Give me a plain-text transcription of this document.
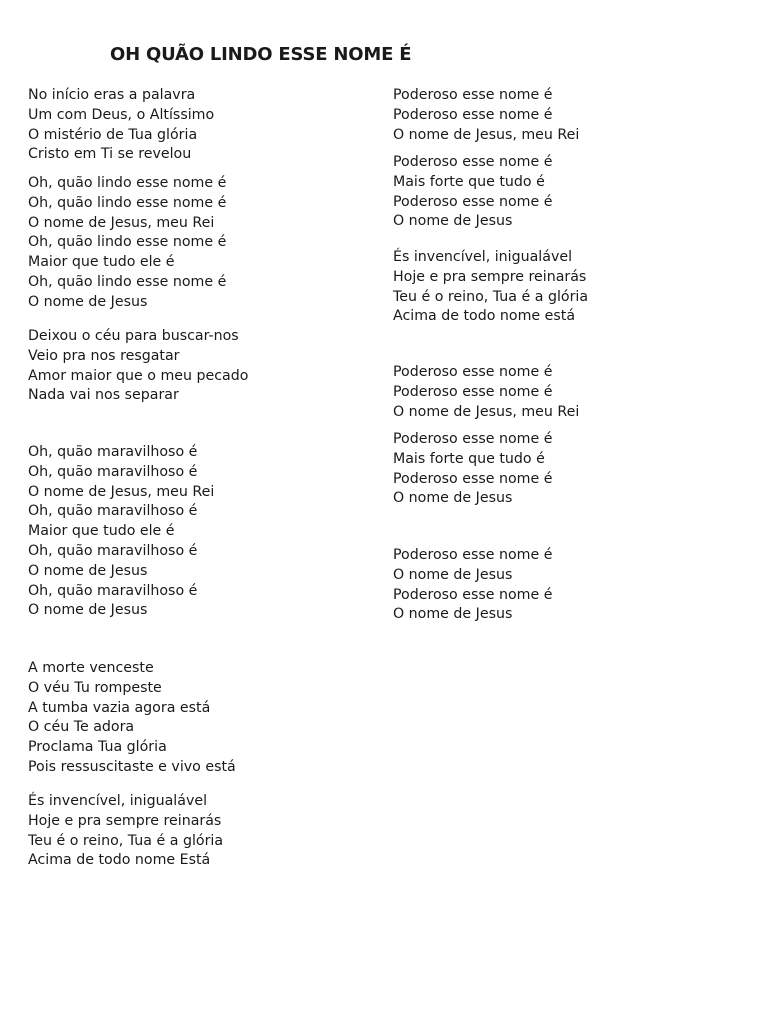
OH QUÃO LINDO ESSE NOME É
No início eras a palavra
Um com Deus, o Altíssimo
O mistério de Tua glória
Cristo em Ti se revelou
Oh, quão lindo esse nome é
Oh, quão lindo esse nome é
O nome de Jesus, meu Rei
Oh, quão lindo esse nome é
Maior que tudo ele é
Oh, quão lindo esse nome é
O nome de Jesus
Deixou o céu para buscar-nos
Veio pra nos resgatar
Amor maior que o meu pecado
Nada vai nos separar
Oh, quão maravilhoso é
Oh, quão maravilhoso é
O nome de Jesus, meu Rei
Oh, quão maravilhoso é
Maior que tudo ele é
Oh, quão maravilhoso é
O nome de Jesus
Oh, quão maravilhoso é
O nome de Jesus
A morte venceste
O véu Tu rompeste
A tumba vazia agora está
O céu Te adora
Proclama Tua glória
Pois ressuscitaste e vivo está
És invencível, inigualável
Hoje e pra sempre reinarás
Teu é o reino, Tua é a glória
Acima de todo nome Está
Poderoso esse nome é
Poderoso esse nome é
O nome de Jesus, meu Rei
Poderoso esse nome é
Mais forte que tudo é
Poderoso esse nome é
O nome de Jesus
És invencível, inigualável
Hoje e pra sempre reinarás
Teu é o reino, Tua é a glória
Acima de todo nome está
Poderoso esse nome é
Poderoso esse nome é
O nome de Jesus, meu Rei
Poderoso esse nome é
Mais forte que tudo é
Poderoso esse nome é
O nome de Jesus
Poderoso esse nome é
O nome de Jesus
Poderoso esse nome é
O nome de Jesus
